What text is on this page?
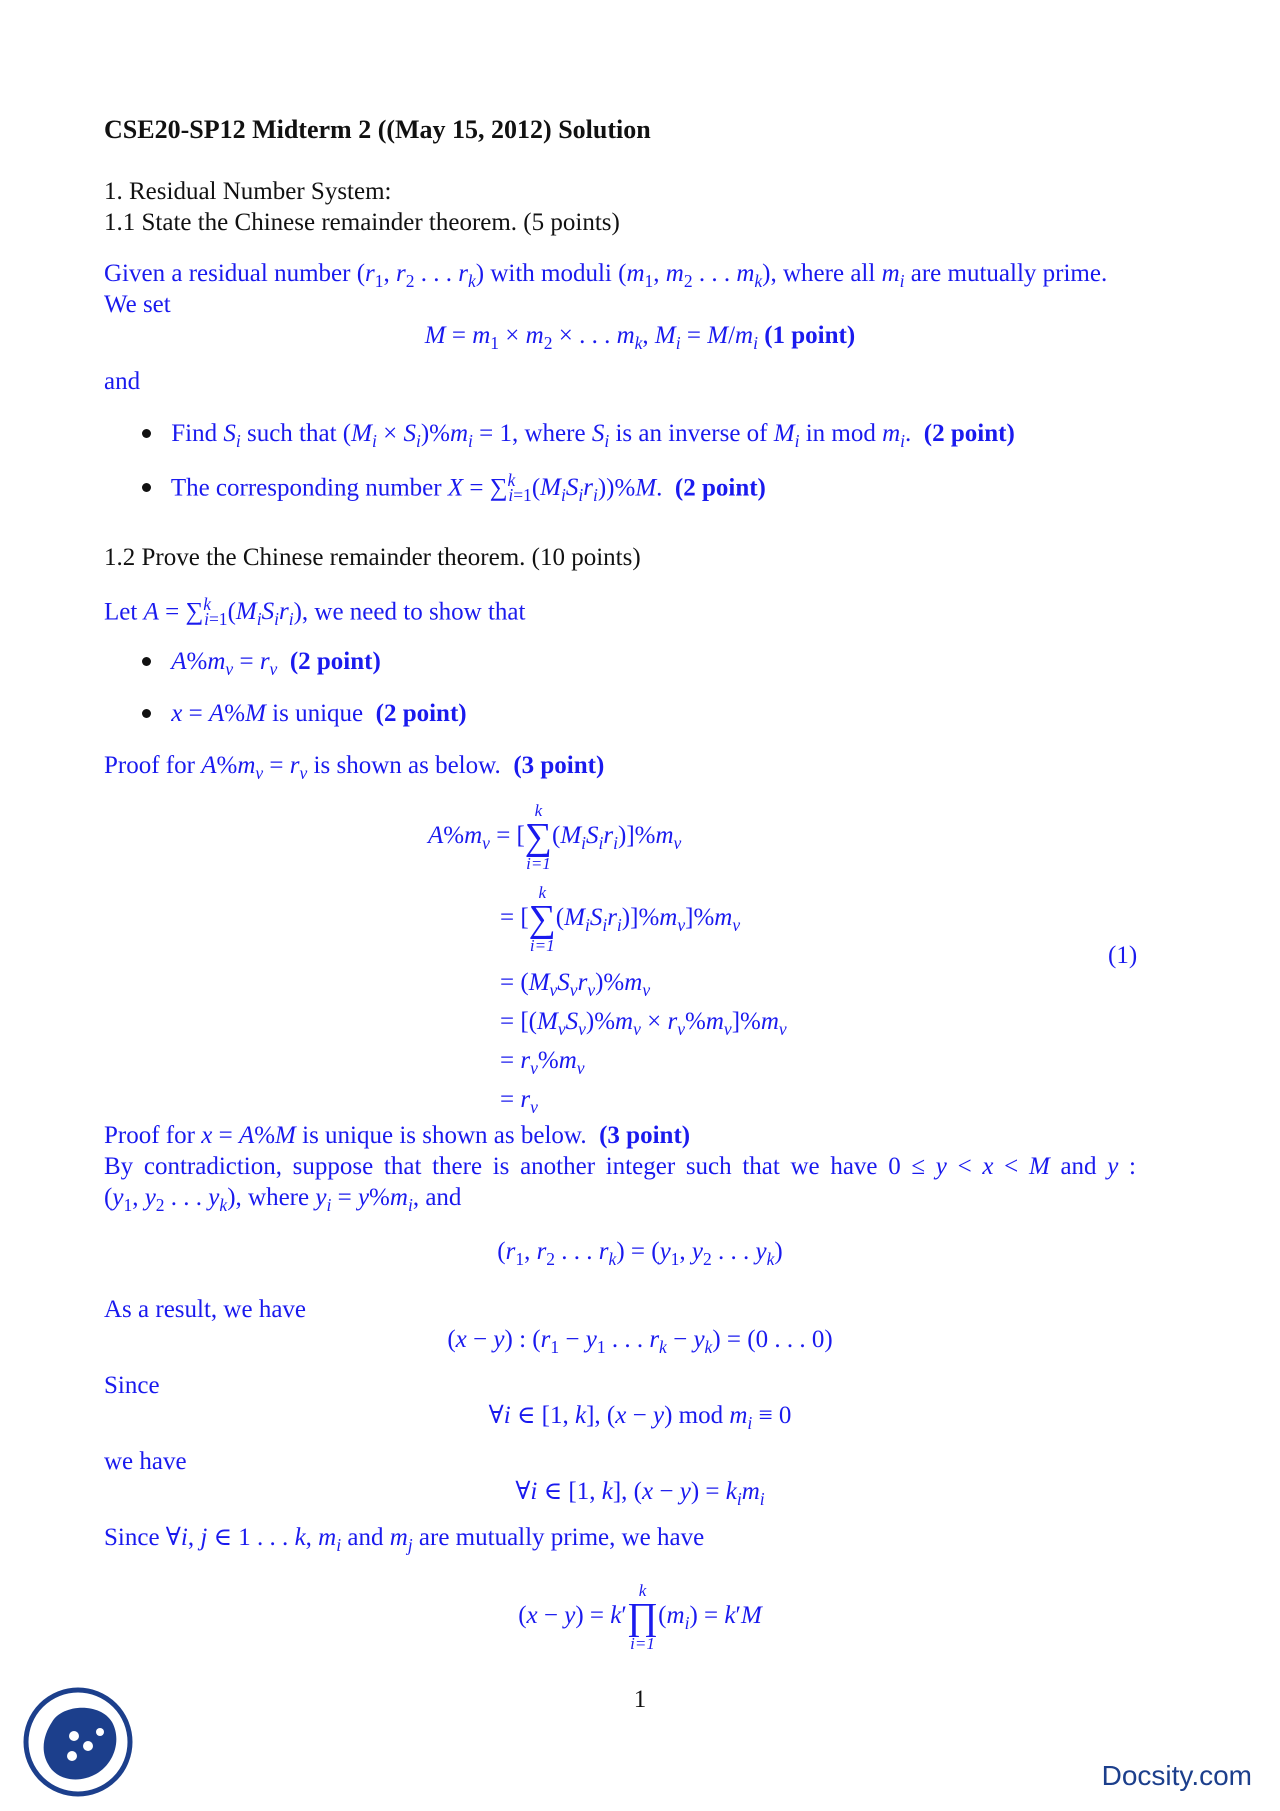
CSE20-SP12 Midterm 2 ((May 15, 2012) Solution
1. Residual Number System:
1.1 State the Chinese remainder theorem. (5 points)
Given a residual number ($r_1$, $r_2$ . . . $r_k$) with moduli ($m_1$, $m_2$ . . . $m_k$), where all $m_i$ are mutually prime.
We set
$M = m_1 \times m_2$ × . . . $m_k$, $M_i = M/m_i$ (1 point)
and
Find $S_i$ such that $(M_i \times S_i)\%m_i = 1$, where $S_i$ is an inverse of $M_i$ in mod $m_i$.  (2 point)
The corresponding number $X = \sum^k_{i=1}(M_iS_ir_i))\%M$.  (2 point)
1.2 Prove the Chinese remainder theorem. (10 points)
Let $A = \sum^k_{i=1}(M_iS_ir_i)$, we need to show that
$A\%m_v = r_v$ (2 point)
x = A%M is unique  (2 point)
Proof for $A\%m_v = r_v$ is shown as below.  (3 point)
$A\%m_v$ = [
k
∑
i=1
$(M_iS_ir_i)]\%m_v$
= [
k
∑
i=1
$(M_iS_ir_i)]\%m_v]\%m_v$
= $(M_vS_vr_v)\%m_v$
= $[(M_vS_v)\%m_v \times r_v\%m_v]\%m_v$
= $r_v\%m_v$
= $r_v$
(1)
Proof for x = A%M is unique is shown as below.  (3 point)
By contradiction, suppose that there is another integer such that we have 0 ≤ y < x < M and y :
($y_1$, $y_2$ . . . $y_k$), where $y_i = y\%m_i$, and
($r_1$, $r_2$ . . . $r_k) = (y_1$, $y_2$ . . . $y_k$)
As a result, we have
(x − y) : ($r_1 - y_1$ . . . $r_k - y_k) = (0$ . . . 0)
Since
∀i ∈ [1, k], (x − y) mod $m_i \equiv 0$
we have
∀i ∈ [1, k], $(x - y) = k_im_i$
Since ∀i, j ∈ 1 . . . k, $m_i$ and $m_j$ are mutually prime, we have
(x − y) = k′
k
∏
i=1
$(m_i) = k'M$
1
Docsity.com
